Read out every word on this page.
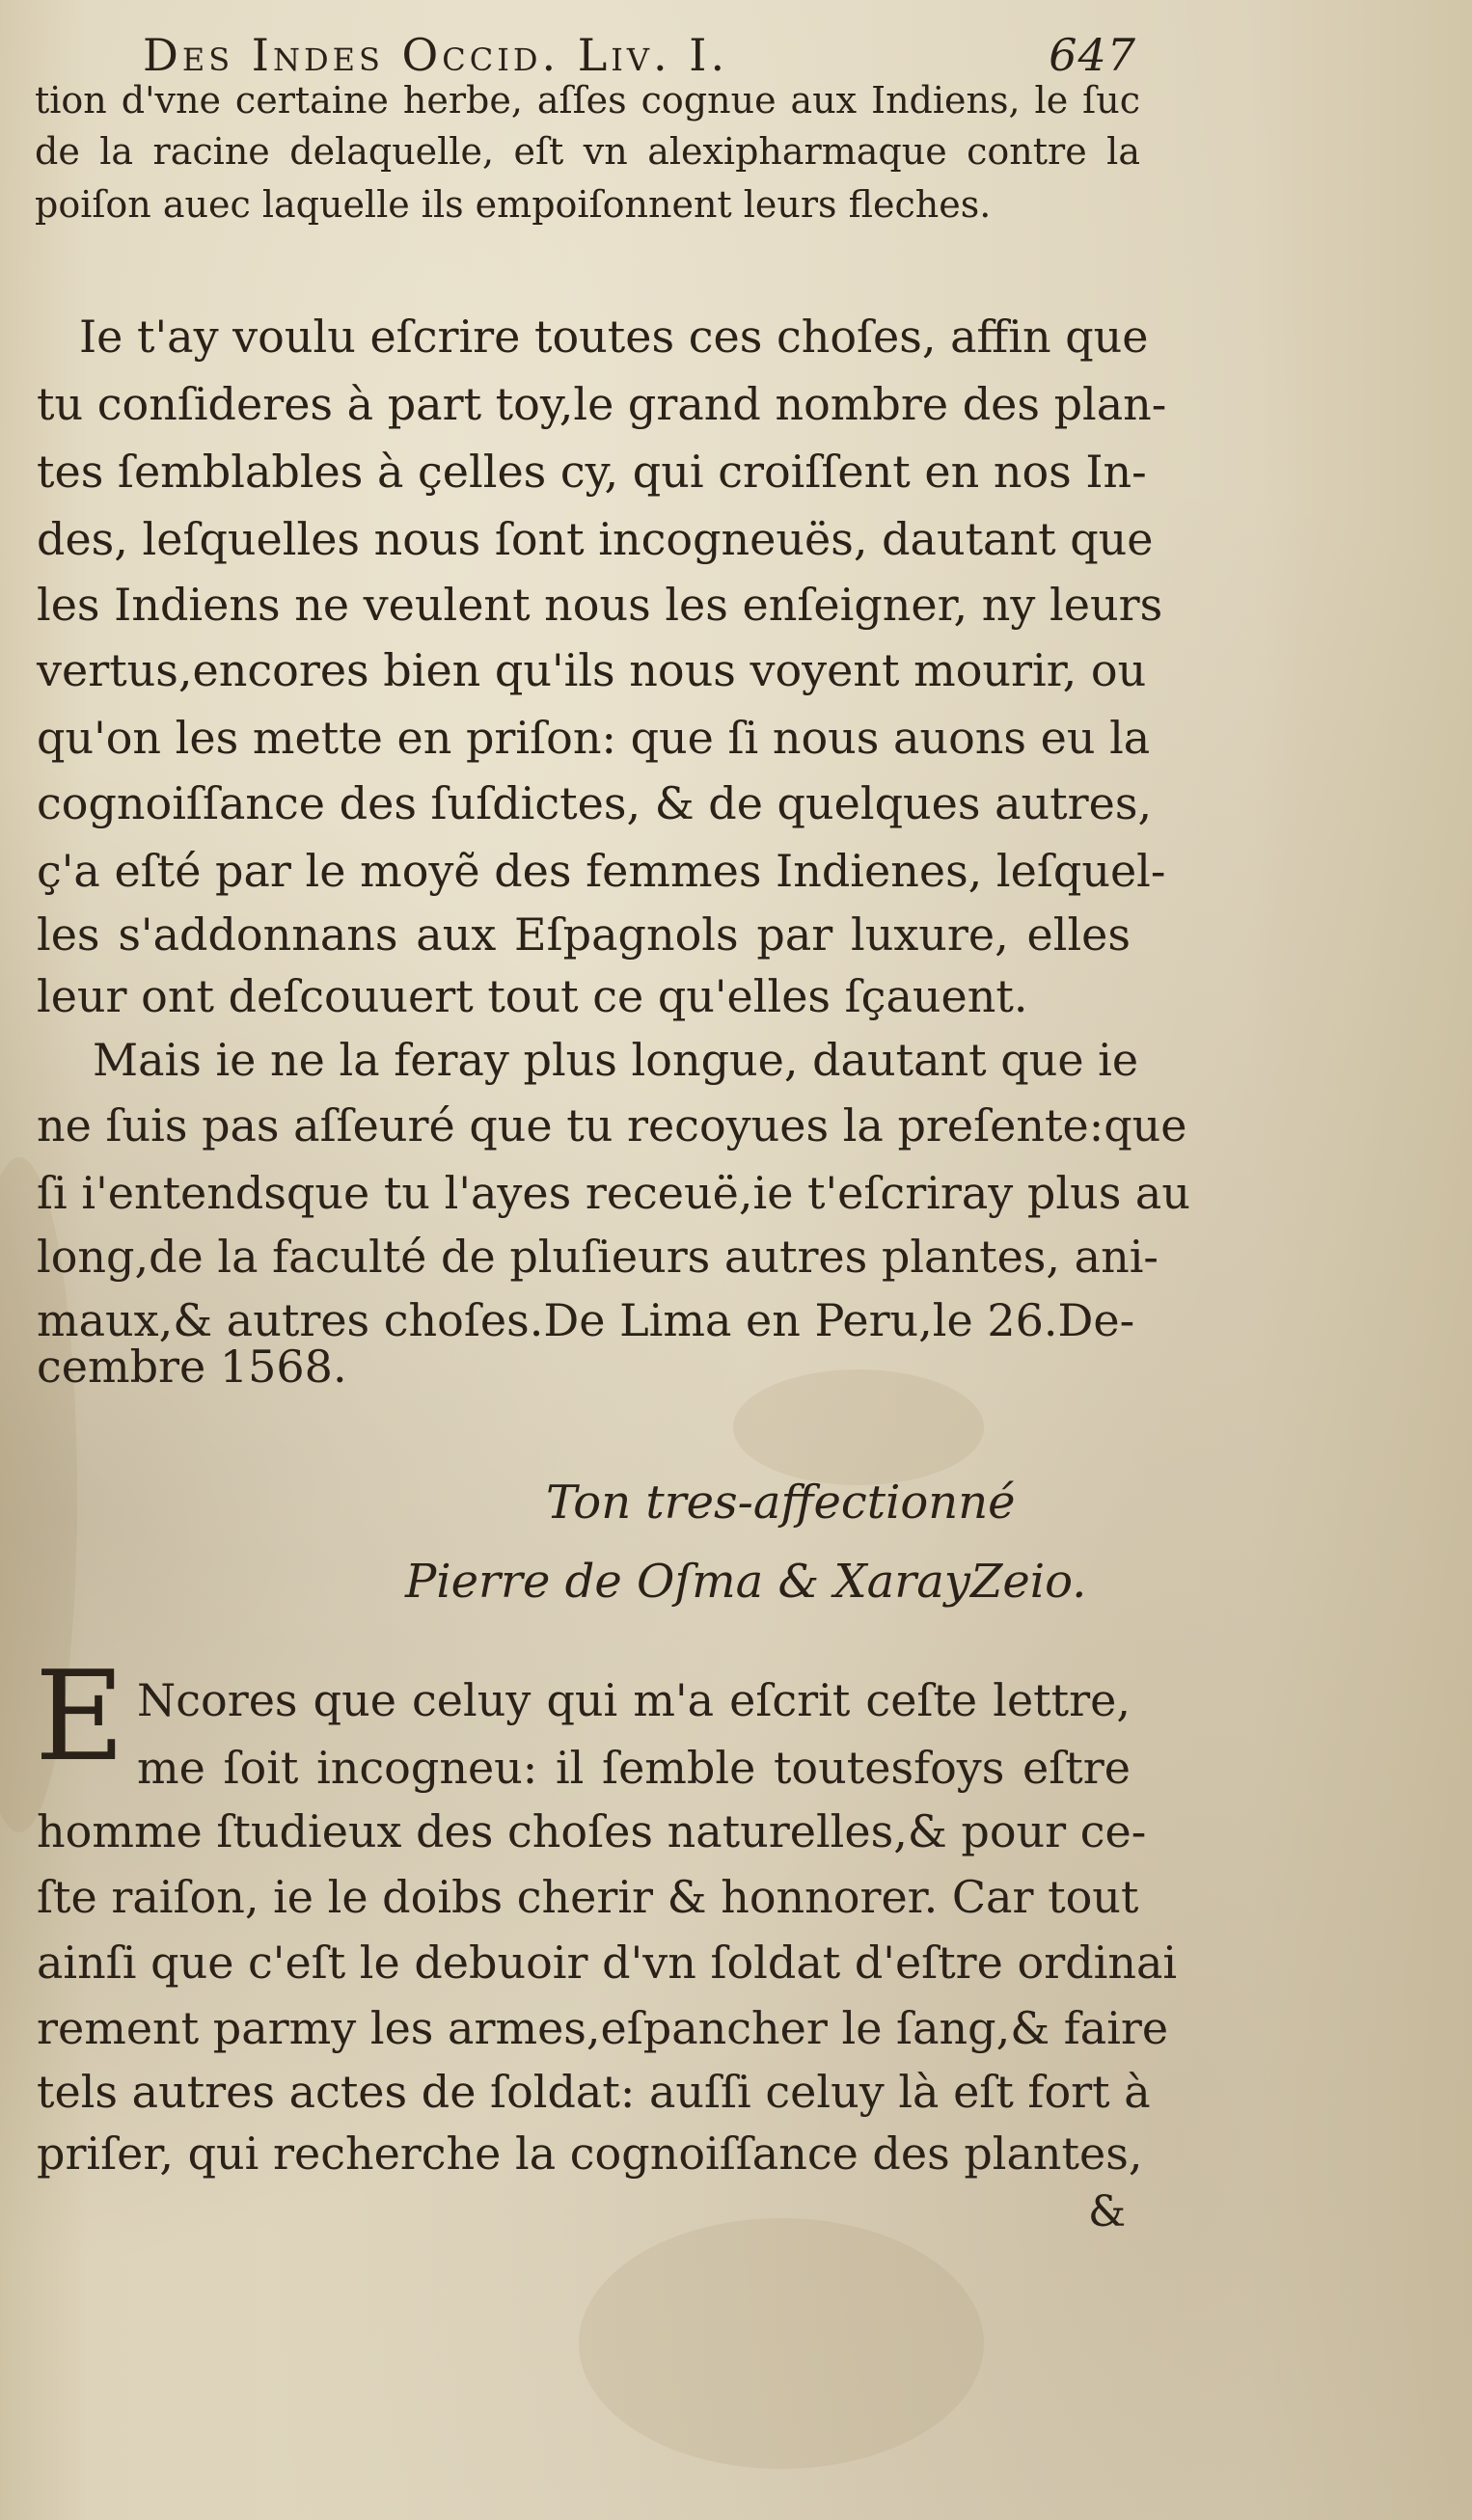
Des Indes Occid. Liv. I.	647
tion d'vne certaine herbe, aſſes cognue aux Indiens, le ſuc
de la racine delaquelle, eſt vn alexipharmaque contre la
poiſon auec laquelle ils empoiſonnent leurs fleches.
Ie t'ay voulu eſcrire toutes ces choſes, affin que
tu conſideres à part toy,le grand nombre des plan-
tes ſemblables à çelles cy, qui croiſſent en nos In-
des, leſquelles nous ſont incogneuës, dautant que
les Indiens ne veulent nous les enſeigner, ny leurs
vertus,encores bien qu'ils nous voyent mourir, ou
qu'on les mette en priſon: que ſi nous auons eu la
cognoiſſance des ſuſdictes, & de quelques autres,
ç'a eſté par le moyẽ des femmes Indienes, leſquel-
les s'addonnans aux Eſpagnols par luxure, elles
leur ont deſcouuert tout ce qu'elles ſçauent.
Mais ie ne la feray plus longue, dautant que ie
ne ſuis pas aſſeuré que tu recoyues la preſente:que
ſi i'entendsque tu l'ayes receuë,ie t'eſcriray plus au
long,de la faculté de pluſieurs autres plantes, ani-
maux,& autres choſes.De Lima en Peru,le 26.De-
cembre 1568.
Ton tres-affectionné
Pierre de Oſma & XarayZeio.
E Ncores que celuy qui m'a eſcrit ceſte lettre,
me ſoit incogneu: il ſemble toutesfoys eſtre
homme ſtudieux des choſes naturelles,& pour ce-
ſte raiſon, ie le doibs cherir & honnorer. Car tout
ainſi que c'eſt le debuoir d'vn ſoldat d'eſtre ordinai
rement parmy les armes,eſpancher le ſang,& faire
tels autres actes de ſoldat: auſſi celuy là eſt fort à
priſer, qui recherche la cognoiſſance des plantes,
&
